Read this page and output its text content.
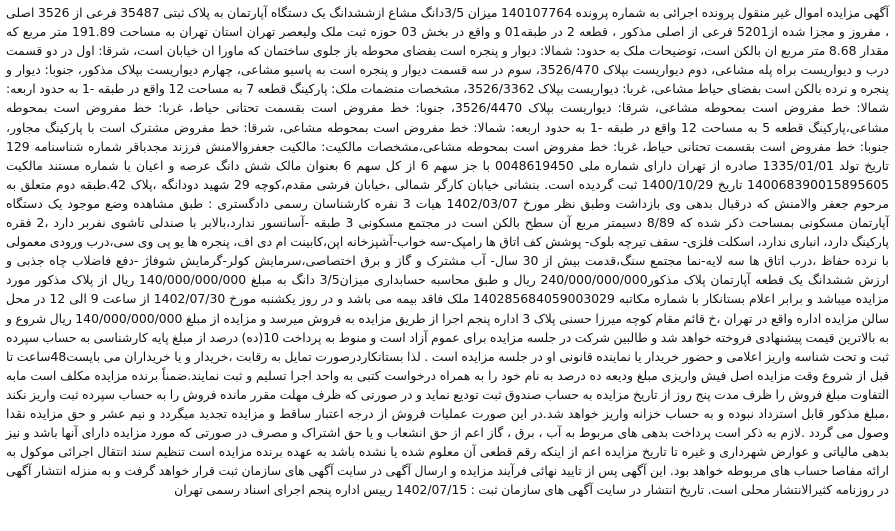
آگهی مزایده اموال غیر منقول پرونده اجرائی به شماره پرونده 140107764 میزان 3/5دانگ مشاع ازششدانگ یک دستگاه آپارتمان به پلاک ثبتی 35487 فرعی از 3526 اصلی ، مفروز و مجزا شده از5201 فرعی از اصلی مذکور ، قطعه 2 در طبقه01 و واقع در بخش 03 حوزه ثبت ملک ولیعصر تهران استان تهران به مساحت 191.89 متر مربع که مقدار 8.68 متر مربع ان بالکن است، توضیحات ملک به حدود: شمالا: دیوار و پنجره است بفضای محوطه باز جلوی ساختمان که ماورا ان خیابان است، شرقا: اول در دو قسمت درب و دیواریست براه پله مشاعی، دوم دیواریست بپلاک 3526/470، سوم در سه قسمت دیوار و پنجره است به پاسیو مشاعی، چهارم دیواریست بپلاک مذکور، جنوبا: دیوار و پنجره و نرده بالکن است بفضای حیاط مشاعی، غربا: دیواریست بپلاک 3526/3362، مشخصات منضمات ملک: پارکینگ قطعه 7 به مساحت 12 واقع در طبقه -1 به حدود اربعه: شمالا: خط مفروض است بمحوطه مشاعی، شرقا: دیواریست بپلاک 3526/4470، جنوبا: خط مفروض است بقسمت تحتانی حیاط، غربا: خط مفروض است بمحوطه مشاعی،پارکینگ قطعه 5 به مساحت 12 واقع در طبقه -1 به حدود اربعه: شمالا: خط مفروض است بمحوطه مشاعی، شرقا: خط مفروض مشترک است با پارکینگ مجاور، جنوبا: خط مفروض است بقسمت تحتانی حیاط، غربا: خط مفروض است بمحوطه مشاعی،مشخصات مالکیت: مالکیت جعفروالامنش فرزند مجدباقر شماره شناسنامه 129 تاریخ تولد 1335/01/01 صادره از تهران دارای شماره ملی 0048619450 با جز سهم 6 از کل سهم 6 بعنوان مالک شش دانگ عرصه و اعیان با شماره مستند مالکیت 140068390015895605 تاریخ 1400/10/29 ثبت گردیده است. بنشانی خیابان کارگر شمالی ،خیابان فرشی مقدم،کوچه 29 شهید دودانگه ،پلاک 42.طبقه دوم متعلق به مرحوم جعفر والامنش که درقبال بدهی وی بازداشت وطبق نظر مورخ 1402/03/07 هیات 3 نفره کارشناسان رسمی دادگستری : طبق مشاهده وضع موجود یک دستگاه آپارتمان مسکونی بمساحت ذکر شده که 8/89 دسیمتر مربع آن سطح بالکن است در مجتمع مسکونی 3 طبقه -آسانسور ندارد،بالابر با صندلی تاشوی نفربر دارد ،2 فقره پارکینگ دارد، انباری ندارد، اسکلت فلزی- سقف تیرچه بلوک- پوشش کف اتاق ها رامپک-سه خواب-آشپزخانه اپن،کابینت ام دی اف، پنجره ها یو پی وی سی،درب ورودی معمولی با نرده حفاظ ،درب اتاق ها سه لایه-نما مجتمع سنگ،قدمت بیش از 30 سال- آب مشترک و گاز و برق اختصاصی،سرمایش کولر-گرمایش شوفاژ -دفع فاضلاب چاه جذبی و ارزش ششدانگ یک قطعه آپارتمان پلاک مذکور240/000/000/000 ریال و طبق محاسبه حسابداری میزان3/5 دانگ به مبلغ 140/000/000/000 ریال از پلاک مذکور مورد مزایده میباشد و برابر اعلام بستانکار با شماره مکاتبه 140285684059003029 ملک فاقد بیمه می باشد و در روز یکشنبه مورخ 1402/07/30 از ساعت 9 الی 12 در محل سالن مزایده اداره واقع در تهران ،خ قائم مقام کوچه میرزا حسنی پلاک 3 اداره پنجم اجرا از طریق مزایده به فروش میرسد و مزایده از مبلغ 140/000/000/000 ریال شروع و به بالاترین قیمت پیشنهادی فروخته خواهد شد و طالبین شرکت در جلسه مزایده برای عموم آزاد است و منوط به پرداخت 10(ده) درصد از مبلغ پایه کارشناسی به حساب سپرده ثبت و تحت شناسه واریز اعلامی و حضور خریدار یا نماینده قانونی او در جلسه مزایده است . لذا بستانکاردرصورت تمایل به رقابت ،خریدار و یا خریداران می بایست48ساعت تا قبل از شروع وقت مزایده اصل فیش واریزی مبلغ ودیعه ده درصد به نام خود را به همراه درخواست کتبی به واحد اجرا تسلیم و ثبت نمایند.ضمناً برنده مزایده مکلف است مابه التفاوت مبلغ فروش را ظرف مدت پنج روز از تاریخ مزایده به حساب صندوق ثبت تودیع نماید و در صورتی که ظرف مهلت مقرر مانده فروش را به حساب سپرده ثبت واریز نکند ،مبلغ مذکور قابل استرداد نبوده و به حساب خزانه واریز خواهد شد.در این صورت عملیات فروش از درجه اعتبار ساقط و مزایده تجدید میگردد و نیم عشر و حق مزایده نقدا وصول می گردد .لازم به ذکر است پرداخت بدهی های مربوط به آب ، برق ، گاز اعم از حق انشعاب و یا حق اشتراک و مصرف در صورتی که مورد مزایده دارای آنها باشد و نیز بدهی مالیاتی و عوارض شهرداری و غیره تا تاریخ مزایده اعم از اینکه رقم قطعی آن معلوم شده یا نشده باشد به عهده برنده مزایده است تنظیم سند انتقال اجرائی موکول به ارائه مفاصا حساب های مربوطه خواهد بود. این آگهی پس از تایید نهائی فرآیند مزایده و ارسال آگهی در سایت آگهی های سازمان ثبت قرار خواهد گرفت و به منزله انتشار آگهی در روزنامه کثیرالانتشار محلی است. تاریخ انتشار در سایت آگهی های سازمان ثبت : 1402/07/15 رییس اداره پنجم اجرای اسناد رسمی تهران
